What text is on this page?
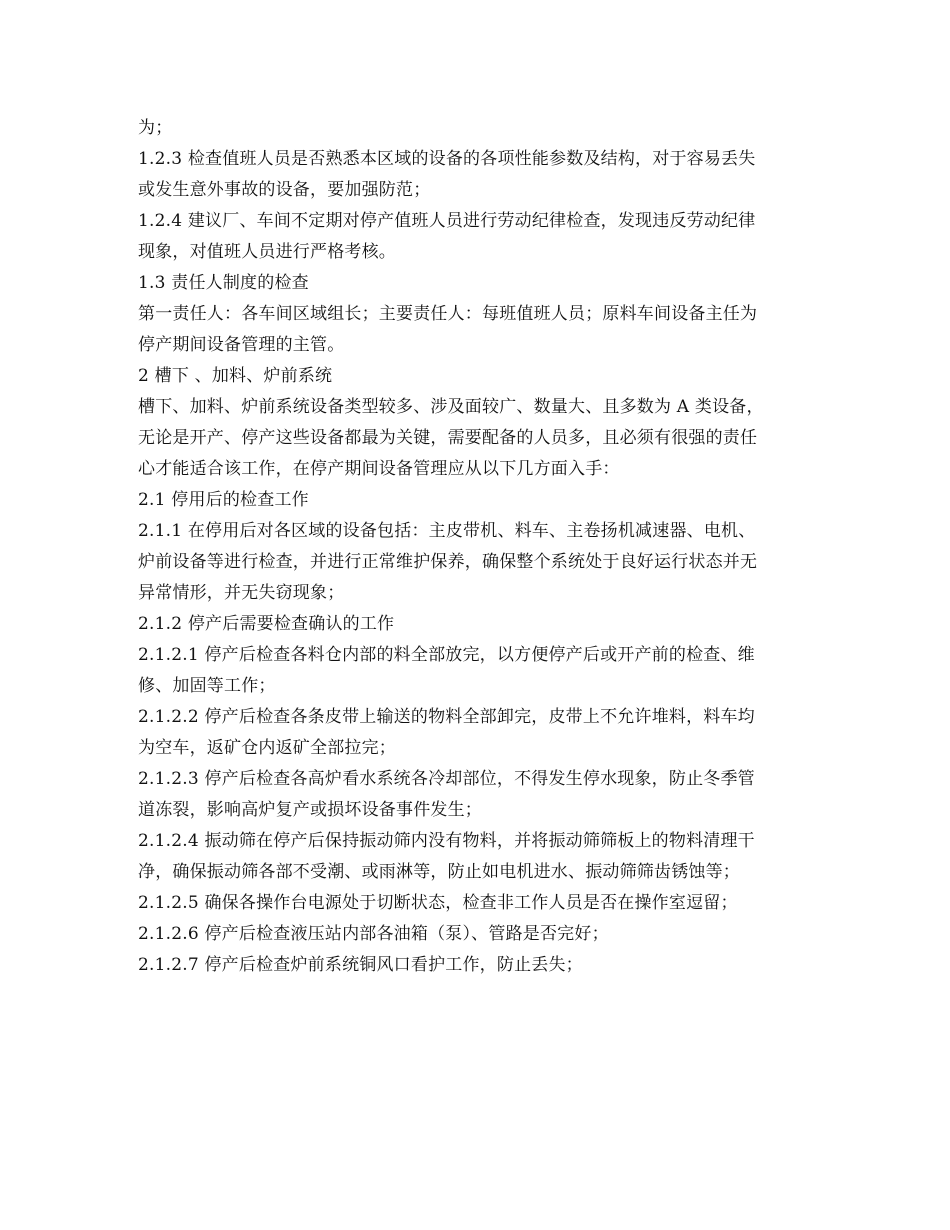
为；
1.2.3 检查值班人员是否熟悉本区域的设备的各项性能参数及结构，对于容易丢失
或发生意外事故的设备，要加强防范；
1.2.4 建议厂、车间不定期对停产值班人员进行劳动纪律检查，发现违反劳动纪律
现象，对值班人员进行严格考核。
1.3 责任人制度的检查
第一责任人：各车间区域组长；主要责任人：每班值班人员；原料车间设备主任为
停产期间设备管理的主管。
2 槽下 、加料、炉前系统
槽下、加料、炉前系统设备类型较多、涉及面较广、数量大、且多数为 A 类设备，
无论是开产、停产这些设备都最为关键，需要配备的人员多，且必须有很强的责任
心才能适合该工作，在停产期间设备管理应从以下几方面入手：
2.1 停用后的检查工作
2.1.1 在停用后对各区域的设备包括：主皮带机、料车、主卷扬机减速器、电机、
炉前设备等进行检查，并进行正常维护保养，确保整个系统处于良好运行状态并无
异常情形，并无失窃现象；
2.1.2 停产后需要检查确认的工作
2.1.2.1 停产后检查各料仓内部的料全部放完，以方便停产后或开产前的检查、维
修、加固等工作；
2.1.2.2 停产后检查各条皮带上输送的物料全部卸完，皮带上不允许堆料，料车均
为空车，返矿仓内返矿全部拉完；
2.1.2.3 停产后检查各高炉看水系统各冷却部位，不得发生停水现象，防止冬季管
道冻裂，影响高炉复产或损坏设备事件发生；
2.1.2.4 振动筛在停产后保持振动筛内没有物料，并将振动筛筛板上的物料清理干
净，确保振动筛各部不受潮、或雨淋等，防止如电机进水、振动筛筛齿锈蚀等；
2.1.2.5 确保各操作台电源处于切断状态，检查非工作人员是否在操作室逗留；
2.1.2.6 停产后检查液压站内部各油箱（泵）、管路是否完好；
2.1.2.7 停产后检查炉前系统铜风口看护工作，防止丢失；
